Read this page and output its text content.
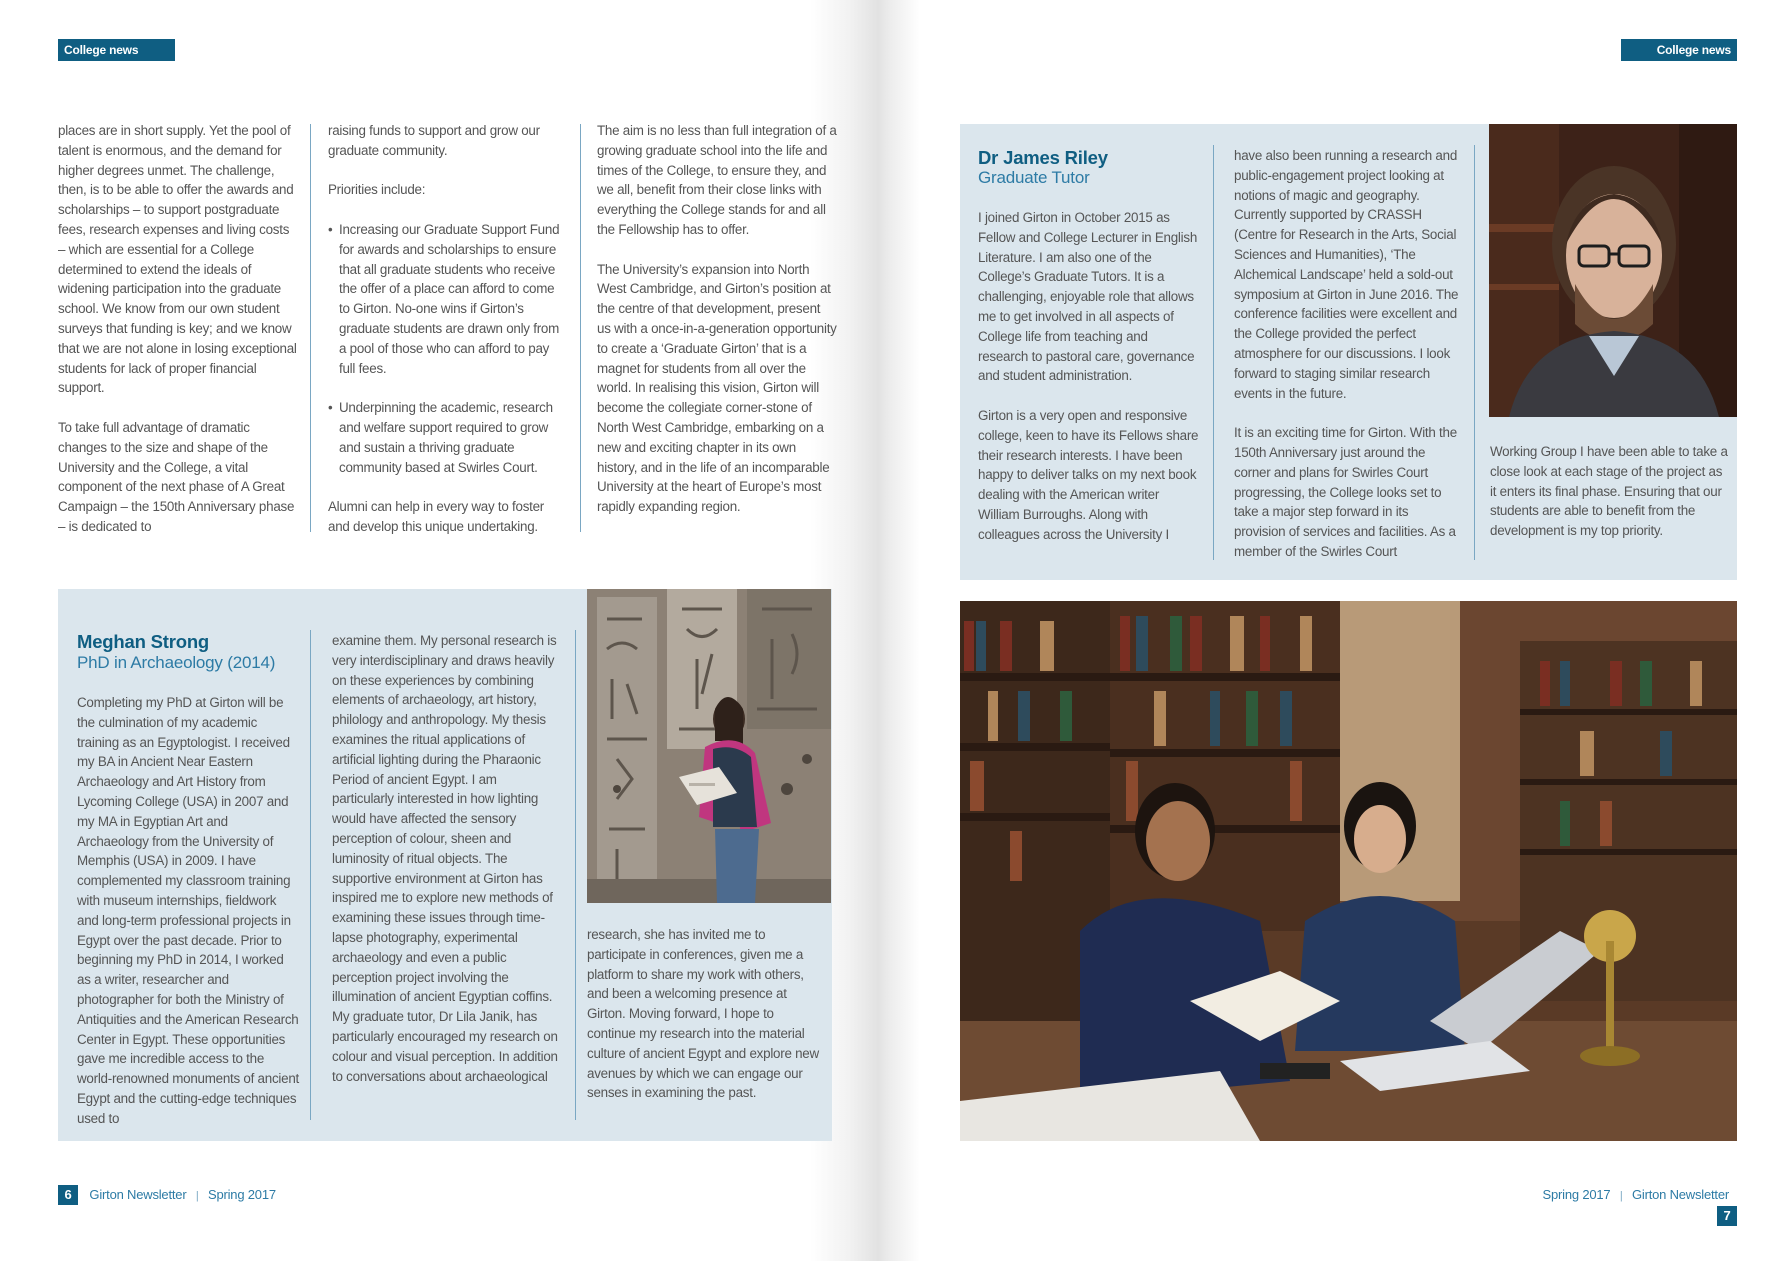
College news	College news
places are in short supply. Yet the pool of talent is enormous, and the demand for higher degrees unmet. The challenge, then, is to be able to offer the awards and scholarships – to support postgraduate fees, research expenses and living costs – which are essential for a College determined to extend the ideals of widening participation into the graduate school. We know from our own student surveys that funding is key; and we know that we are not alone in losing exceptional students for lack of proper financial support.
To take full advantage of dramatic changes to the size and shape of the University and the College, a vital component of the next phase of A Great Campaign – the 150th Anniversary phase – is dedicated to
raising funds to support and grow our graduate community.
Priorities include:
• Increasing our Graduate Support Fund for awards and scholarships to ensure that all graduate students who receive the offer of a place can afford to come to Girton. No-one wins if Girton’s graduate students are drawn only from a pool of those who can afford to pay full fees.
• Underpinning the academic, research and welfare support required to grow and sustain a thriving graduate community based at Swirles Court.
Alumni can help in every way to foster and develop this unique undertaking.
The aim is no less than full integration of a growing graduate school into the life and times of the College, to ensure they, and we all, benefit from their close links with everything the College stands for and all the Fellowship has to offer.
The University’s expansion into North West Cambridge, and Girton’s position at the centre of that development, present us with a once-in-a-generation opportunity to create a ‘Graduate Girton’ that is a magnet for students from all over the world. In realising this vision, Girton will become the collegiate corner-stone of North West Cambridge, embarking on a new and exciting chapter in its own history, and in the life of an incomparable University at the heart of Europe’s most rapidly expanding region.
Meghan Strong
PhD in Archaeology (2014)
Completing my PhD at Girton will be the culmination of my academic training as an Egyptologist. I received my BA in Ancient Near Eastern Archaeology and Art History from Lycoming College (USA) in 2007 and my MA in Egyptian Art and Archaeology from the University of Memphis (USA) in 2009. I have complemented my classroom training with museum internships, fieldwork and long-term professional projects in Egypt over the past decade. Prior to beginning my PhD in 2014, I worked as a writer, researcher and photographer for both the Ministry of Antiquities and the American Research Center in Egypt. These opportunities gave me incredible access to the world-renowned monuments of ancient Egypt and the cutting-edge techniques used to
examine them. My personal research is very interdisciplinary and draws heavily on these experiences by combining elements of archaeology, art history, philology and anthropology. My thesis examines the ritual applications of artificial lighting during the Pharaonic Period of ancient Egypt. I am particularly interested in how lighting would have affected the sensory perception of colour, sheen and luminosity of ritual objects. The supportive environment at Girton has inspired me to explore new methods of examining these issues through time-lapse photography, experimental archaeology and even a public perception project involving the illumination of ancient Egyptian coffins. My graduate tutor, Dr Lila Janik, has particularly encouraged my research on colour and visual perception. In addition to conversations about archaeological
research, she has invited me to participate in conferences, given me a platform to share my work with others, and been a welcoming presence at Girton. Moving forward, I hope to continue my research into the material culture of ancient Egypt and explore new avenues by which we can engage our senses in examining the past.
6 Girton Newsletter | Spring 2017
Dr James Riley
Graduate Tutor
I joined Girton in October 2015 as Fellow and College Lecturer in English Literature. I am also one of the College’s Graduate Tutors. It is a challenging, enjoyable role that allows me to get involved in all aspects of College life from teaching and research to pastoral care, governance and student administration.
Girton is a very open and responsive college, keen to have its Fellows share their research interests. I have been happy to deliver talks on my next book dealing with the American writer William Burroughs. Along with colleagues across the University I
have also been running a research and public-engagement project looking at notions of magic and geography. Currently supported by CRASSH (Centre for Research in the Arts, Social Sciences and Humanities), ‘The Alchemical Landscape’ held a sold-out symposium at Girton in June 2016. The conference facilities were excellent and the College provided the perfect atmosphere for our discussions. I look forward to staging similar research events in the future.
It is an exciting time for Girton. With the 150th Anniversary just around the corner and plans for Swirles Court progressing, the College looks set to take a major step forward in its provision of services and facilities. As a member of the Swirles Court
Working Group I have been able to take a close look at each stage of the project as it enters its final phase. Ensuring that our students are able to benefit from the development is my top priority.
Spring 2017 | Girton Newsletter 7
